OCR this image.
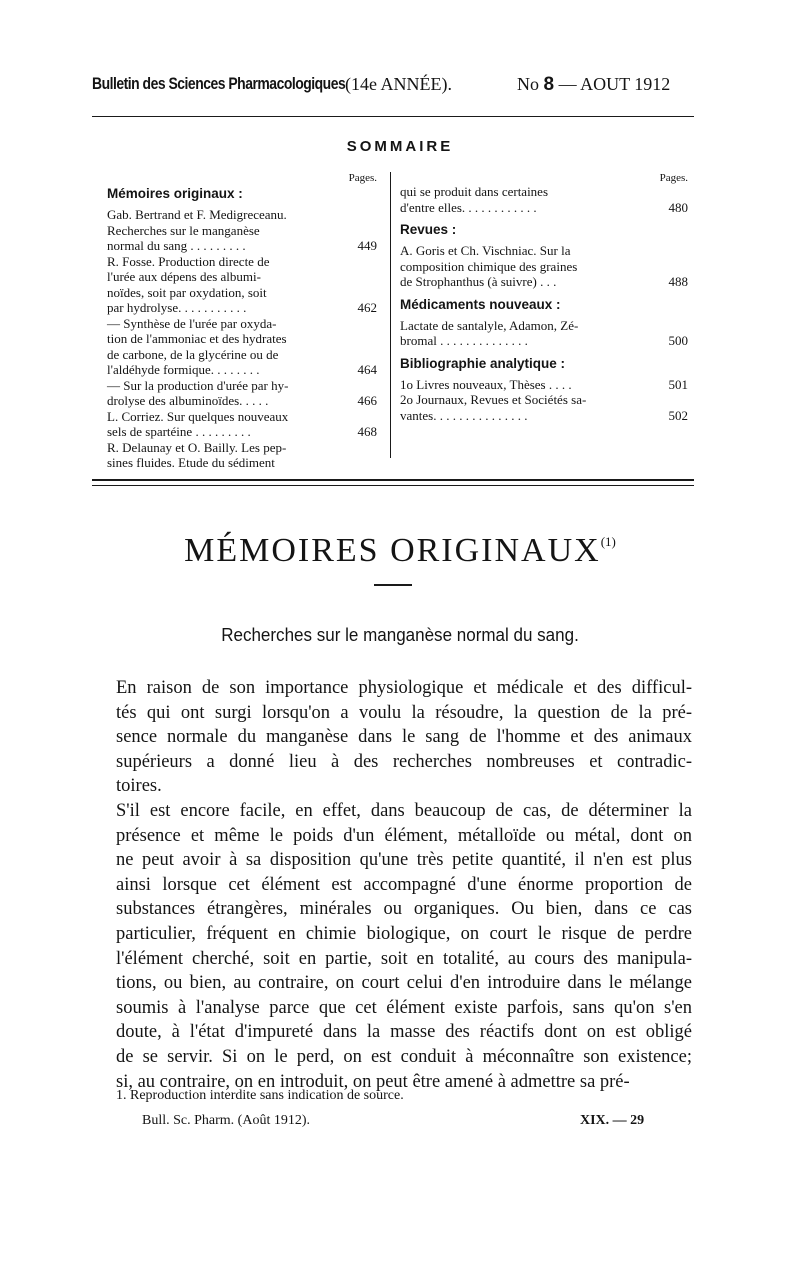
Bulletin des Sciences Pharmacologiques (14e ANNÉE).	No 8 — AOUT 1912
SOMMAIRE
Pages.
Mémoires originaux :
Gab. Bertrand et F. Medigreceanu.
Recherches sur le manganèse
normal du sang . . . . . . . . .	449
R. Fosse. Production directe de
l'urée aux dépens des albumi-
noïdes, soit par oxydation, soit
par hydrolyse. . . . . . . . . . .	462
— Synthèse de l'urée par oxyda-
tion de l'ammoniac et des hydrates
de carbone, de la glycérine ou de
l'aldéhyde formique. . . . . . . .	464
— Sur la production d'urée par hy-
drolyse des albuminoïdes. . . . .	466
L. Corriez. Sur quelques nouveaux
sels de spartéine . . . . . . . . .	468
R. Delaunay et O. Bailly. Les pep-
sines fluides. Etude du sédiment
Pages.
qui se produit dans certaines
d'entre elles. . . . . . . . . . . .	480
Revues :
A. Goris et Ch. Vischniac. Sur la
composition chimique des graines
de Strophanthus (à suivre) . . .	488
Médicaments nouveaux :
Lactate de santalyle, Adamon, Zé-
bromal . . . . . . . . . . . . . .	500
Bibliographie analytique :
1o Livres nouveaux, Thèses . . . .	501
2o Journaux, Revues et Sociétés sa-
vantes. . . . . . . . . . . . . . .	502
MÉMOIRES ORIGINAUX$^{(1)}$
Recherches sur le manganèse normal du sang.
En raison de son importance physiologique et médicale et des difficul-
tés qui ont surgi lorsqu'on a voulu la résoudre, la question de la pré-
sence normale du manganèse dans le sang de l'homme et des animaux
supérieurs a donné lieu à des recherches nombreuses et contradic-
toires.
S'il est encore facile, en effet, dans beaucoup de cas, de déterminer la
présence et même le poids d'un élément, métalloïde ou métal, dont on
ne peut avoir à sa disposition qu'une très petite quantité, il n'en est plus
ainsi lorsque cet élément est accompagné d'une énorme proportion de
substances étrangères, minérales ou organiques. Ou bien, dans ce cas
particulier, fréquent en chimie biologique, on court le risque de perdre
l'élément cherché, soit en partie, soit en totalité, au cours des manipula-
tions, ou bien, au contraire, on court celui d'en introduire dans le mélange
soumis à l'analyse parce que cet élément existe parfois, sans qu'on s'en
doute, à l'état d'impureté dans la masse des réactifs dont on est obligé
de se servir. Si on le perd, on est conduit à méconnaître son existence;
si, au contraire, on en introduit, on peut être amené à admettre sa pré-
1. Reproduction interdite sans indication de source.
Bull. Sc. Pharm. (Août 1912).	XIX. — 29
